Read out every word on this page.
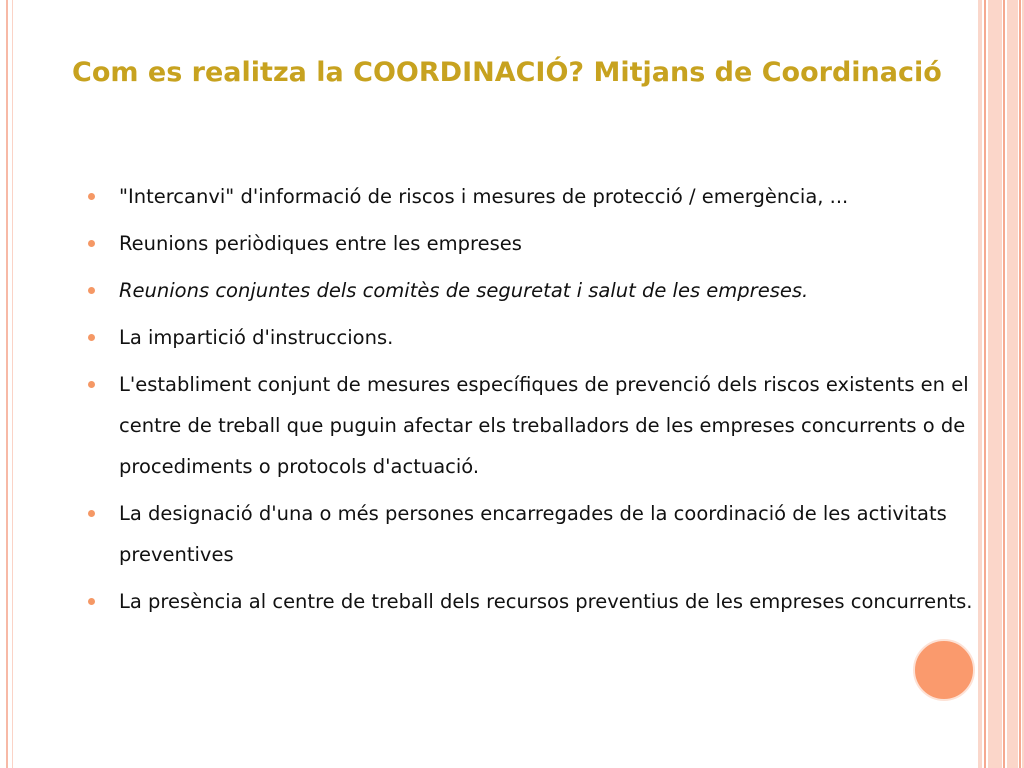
Com es realitza la COORDINACIÓ? Mitjans de Coordinació
"Intercanvi" d'informació de riscos i mesures de protecció / emergència, ...
Reunions periòdiques entre les empreses
Reunions conjuntes dels comitès de seguretat i salut de les empreses.
La impartició d'instruccions.
L'establiment conjunt de mesures específiques de prevenció dels riscos existents en el centre de treball que puguin afectar els treballadors de les empreses concurrents o de procediments o protocols d'actuació.
La designació d'una o més persones encarregades de la coordinació de les activitats preventives
La presència al centre de treball dels recursos preventius de les empreses concurrents.
